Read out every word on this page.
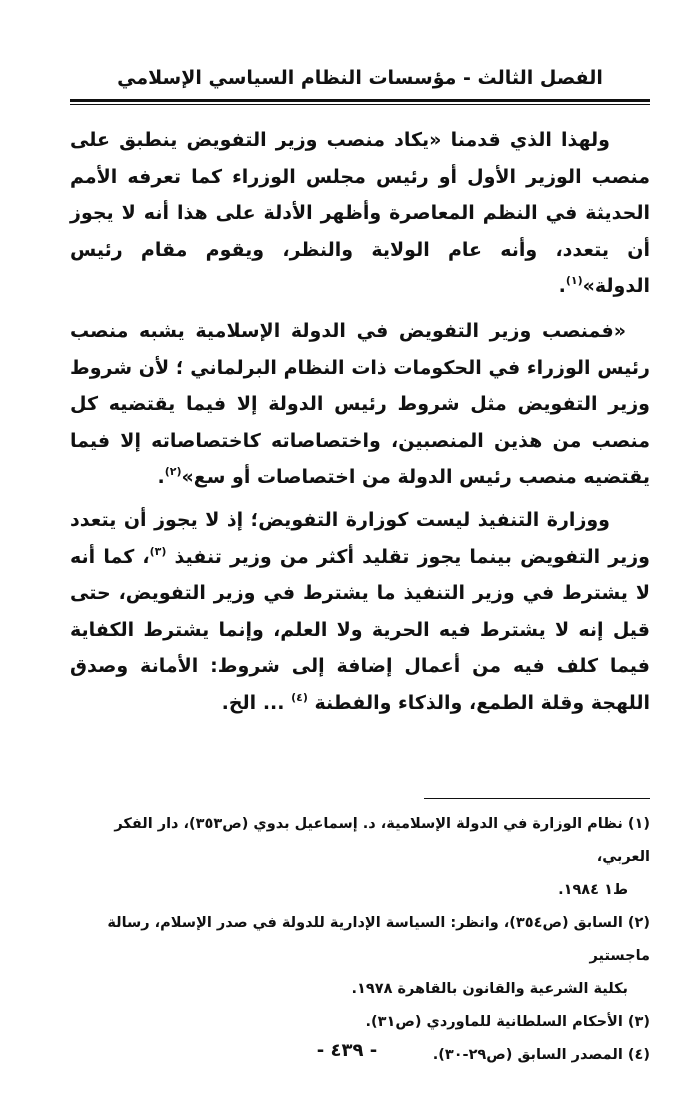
الفصل الثالث - مؤسسات النظام السياسي الإسلامي

ولهذا الذي قدمنا «يكاد منصب وزير التفويض ينطبق على منصب الوزير الأول أو رئيس مجلس الوزراء كما تعرفه الأمم الحديثة في النظم المعاصرة وأظهر الأدلة على هذا أنه لا يجوز أن يتعدد، وأنه عام الولاية والنظر، ويقوم مقام رئيس الدولة»$^{(١)}$.

«فمنصب وزير التفويض في الدولة الإسلامية يشبه منصب رئيس الوزراء في الحكومات ذات النظام البرلماني ؛ لأن شروط وزير التفويض مثل شروط رئيس الدولة إلا فيما يقتضيه كل منصب من هذين المنصبين، واختصاصاته كاختصاصاته إلا فيما يقتضيه منصب رئيس الدولة من اختصاصات أو سع»$^{(٢)}$.

ووزارة التنفيذ ليست كوزارة التفويض؛ إذ لا يجوز أن يتعدد وزير التفويض بينما يجوز تقليد أكثر من وزير تنفيذ $^{(٣)}$، كما أنه لا يشترط في وزير التنفيذ ما يشترط في وزير التفويض، حتى قيل إنه لا يشترط فيه الحرية ولا العلم، وإنما يشترط الكفاية فيما كلف فيه من أعمال إضافة إلى شروط: الأمانة وصدق اللهجة وقلة الطمع، والذكاء والفطنة $^{(٤)}$ ... الخ.

(١) نظام الوزارة في الدولة الإسلامية، د. إسماعيل بدوي (ص٣٥٣)، دار الفكر العربي،
ط١ ١٩٨٤.
(٢) السابق (ص٣٥٤)، وانظر: السياسة الإدارية للدولة في صدر الإسلام، رسالة ماجستير
بكلية الشرعية والقانون بالقاهرة ١٩٧٨.
(٣) الأحكام السلطانية للماوردي (ص٣١).
(٤) المصدر السابق (ص٢٩-٣٠).
- ٤٣٩ -
